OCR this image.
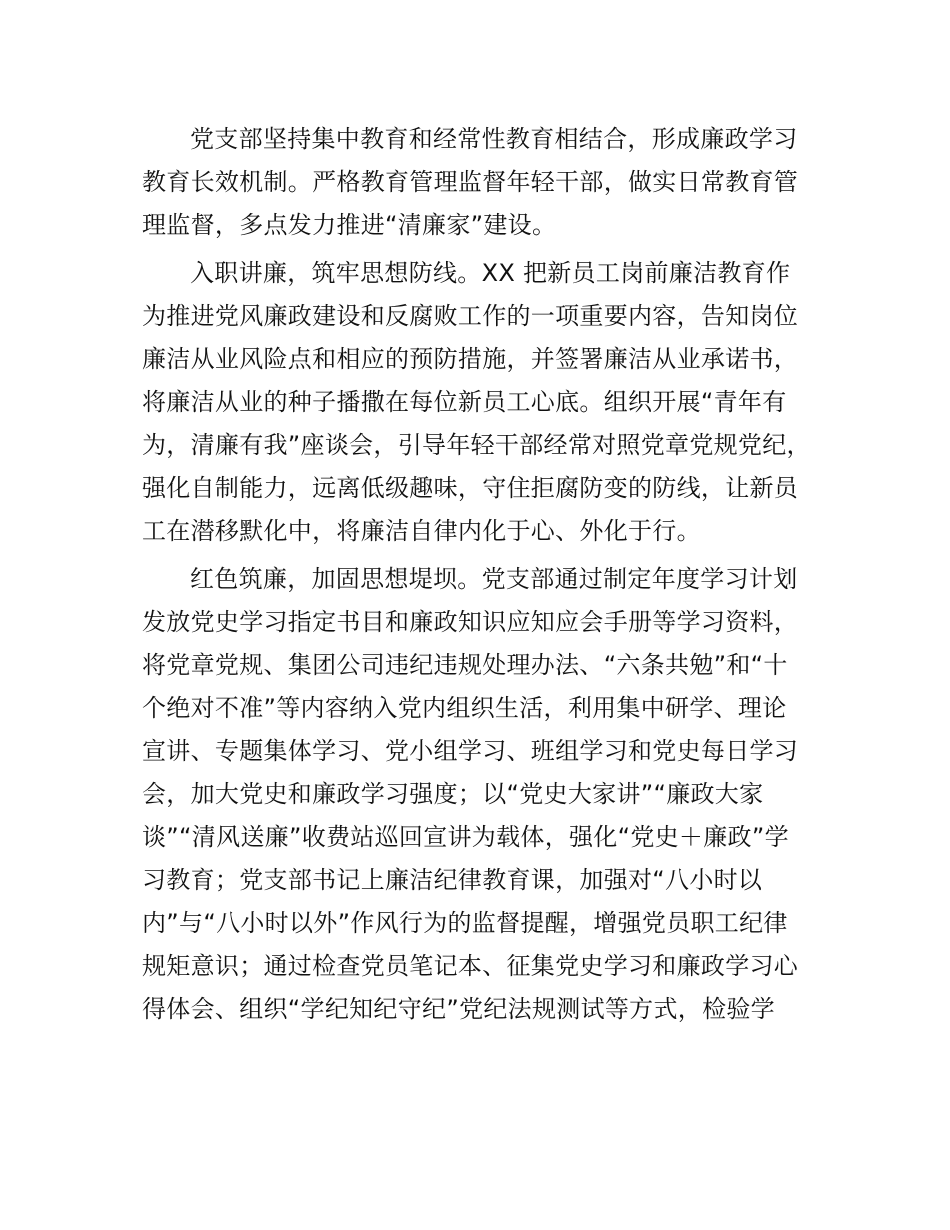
党支部坚持集中教育和经常性教育相结合，形成廉政学习
教育长效机制。严格教育管理监督年轻干部，做实日常教育管
理监督，多点发力推进“清廉家”建设。
入职讲廉，筑牢思想防线。XX 把新员工岗前廉洁教育作
为推进党风廉政建设和反腐败工作的一项重要内容，告知岗位
廉洁从业风险点和相应的预防措施，并签署廉洁从业承诺书，
将廉洁从业的种子播撒在每位新员工心底。组织开展“青年有
为，清廉有我”座谈会，引导年轻干部经常对照党章党规党纪，
强化自制能力，远离低级趣味，守住拒腐防变的防线，让新员
工在潜移默化中，将廉洁自律内化于心、外化于行。
红色筑廉，加固思想堤坝。党支部通过制定年度学习计划
发放党史学习指定书目和廉政知识应知应会手册等学习资料，
将党章党规、集团公司违纪违规处理办法、“六条共勉”和“十
个绝对不准”等内容纳入党内组织生活，利用集中研学、理论
宣讲、专题集体学习、党小组学习、班组学习和党史每日学习
会，加大党史和廉政学习强度；以“党史大家讲”“廉政大家
谈”“清风送廉”收费站巡回宣讲为载体，强化“党史＋廉政”学
习教育；党支部书记上廉洁纪律教育课，加强对“八小时以
内”与“八小时以外”作风行为的监督提醒，增强党员职工纪律
规矩意识；通过检查党员笔记本、征集党史学习和廉政学习心
得体会、组织“学纪知纪守纪”党纪法规测试等方式，检验学
